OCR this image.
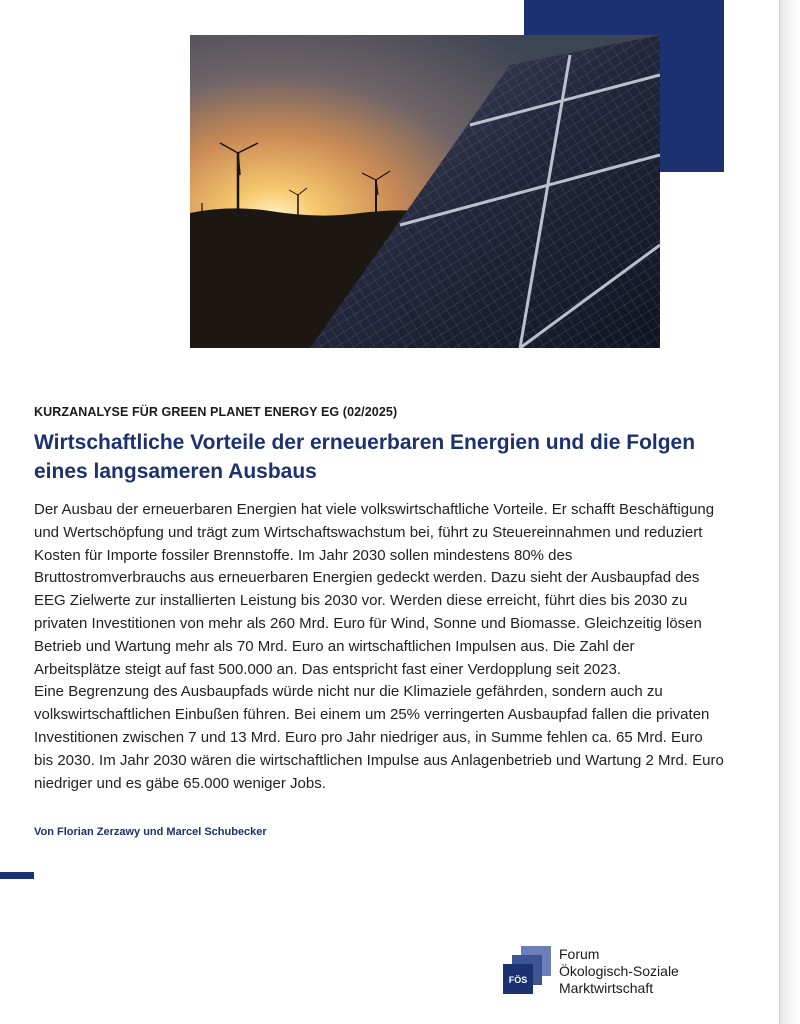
KURZANALYSE FÜR GREEN PLANET ENERGY EG (02/2025)
Wirtschaftliche Vorteile der erneuerbaren Energien und die Folgen eines langsameren Ausbaus

Der Ausbau der erneuerbaren Energien hat viele volkswirtschaftliche Vorteile. Er schafft Beschäftigung und Wertschöpfung und trägt zum Wirtschaftswachstum bei, führt zu Steuereinnahmen und reduziert Kosten für Importe fossiler Brennstoffe. Im Jahr 2030 sollen mindestens 80% des Bruttostromverbrauchs aus erneuerbaren Energien gedeckt werden. Dazu sieht der Ausbaupfad des EEG Zielwerte zur installierten Leistung bis 2030 vor. Werden diese erreicht, führt dies bis 2030 zu privaten Investitionen von mehr als 260 Mrd. Euro für Wind, Sonne und Biomasse. Gleichzeitig lösen Betrieb und Wartung mehr als 70 Mrd. Euro an wirtschaftlichen Impulsen aus. Die Zahl der Arbeitsplätze steigt auf fast 500.000 an. Das entspricht fast einer Verdopplung seit 2023.

Eine Begrenzung des Ausbaupfads würde nicht nur die Klimaziele gefährden, sondern auch zu volkswirtschaftlichen Einbußen führen. Bei einem um 25% verringerten Ausbaupfad fallen die privaten Investitionen zwischen 7 und 13 Mrd. Euro pro Jahr niedriger aus, in Summe fehlen ca. 65 Mrd. Euro bis 2030. Im Jahr 2030 wären die wirtschaftlichen Impulse aus Anlagenbetrieb und Wartung 2 Mrd. Euro niedriger und es gäbe 65.000 weniger Jobs.

Von Florian Zerzawy und Marcel Schubecker
FÖS
Forum
Ökologisch-Soziale
Marktwirtschaft
